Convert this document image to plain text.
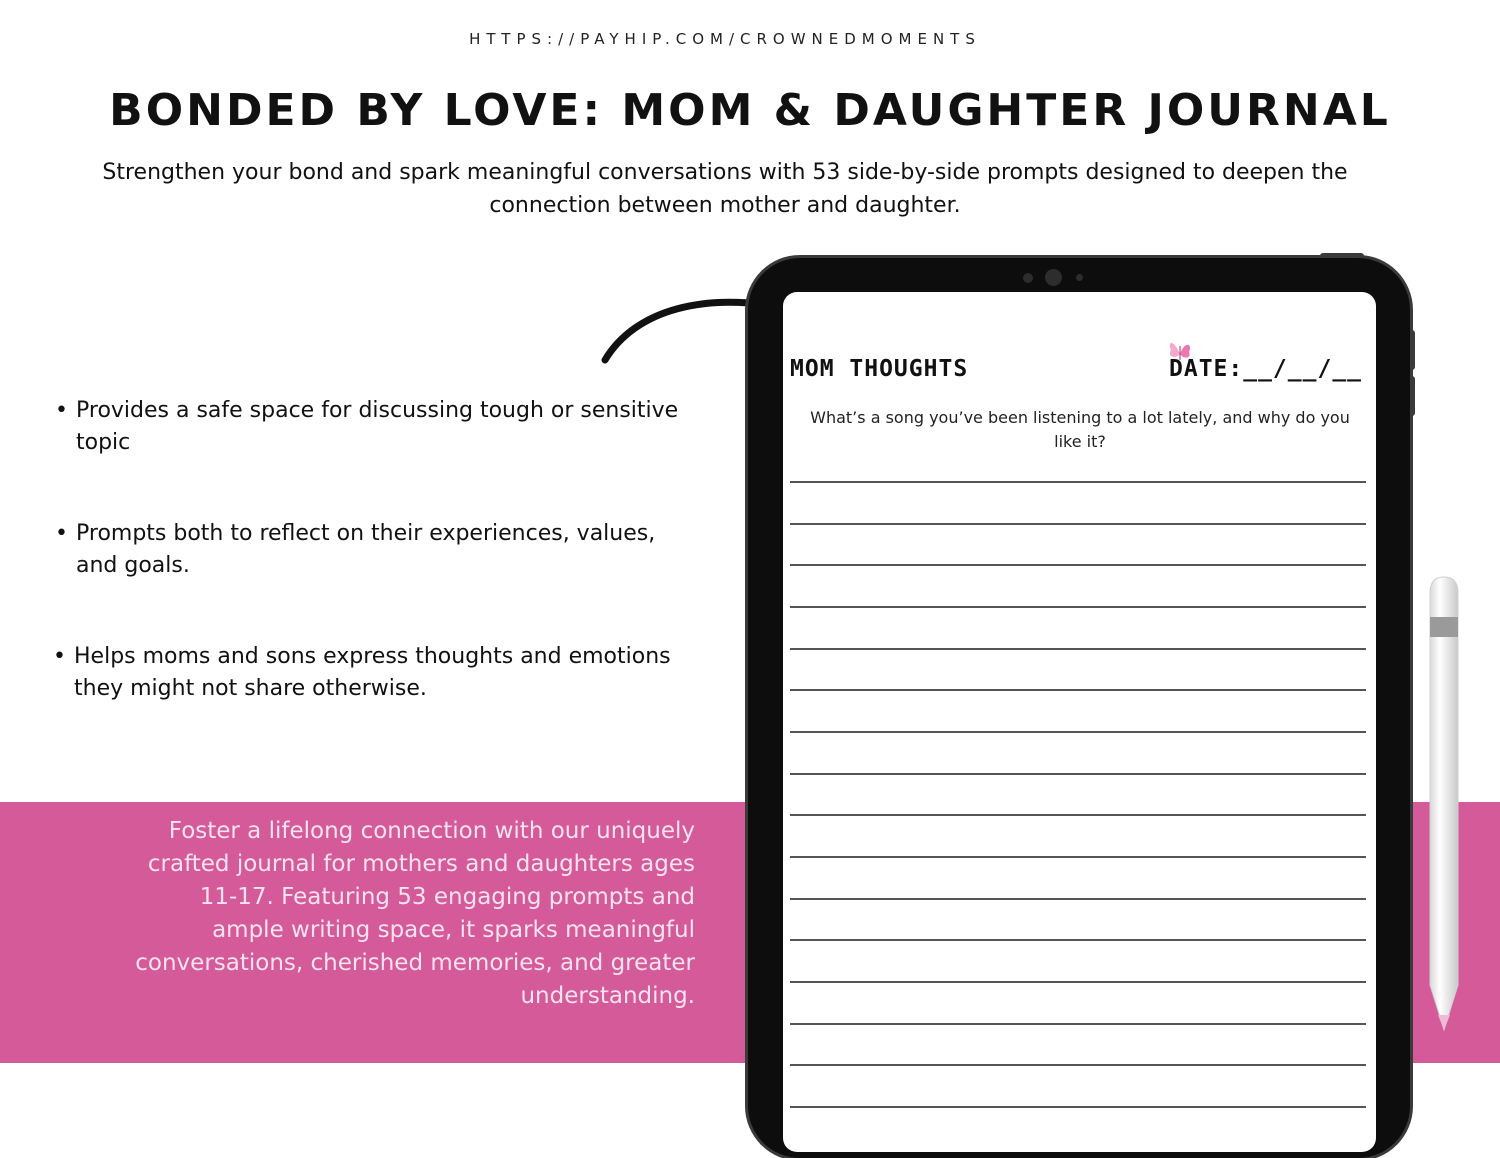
HTTPS://PAYHIP.COM/CROWNEDMOMENTS
BONDED BY LOVE: MOM & DAUGHTER JOURNAL
Strengthen your bond and spark meaningful conversations with 53 side-by-side prompts designed to deepen the connection between mother and daughter.
• Provides a safe space for discussing tough or sensitive topic
• Prompts both to reflect on their experiences, values, and goals.
• Helps moms and sons express thoughts and emotions they might not share otherwise.
Foster a lifelong connection with our uniquely crafted journal for mothers and daughters ages 11-17. Featuring 53 engaging prompts and ample writing space, it sparks meaningful conversations, cherished memories, and greater understanding.
MOM THOUGHTS	DATE:__/__/__
What’s a song you’ve been listening to a lot lately, and why do you like it?
